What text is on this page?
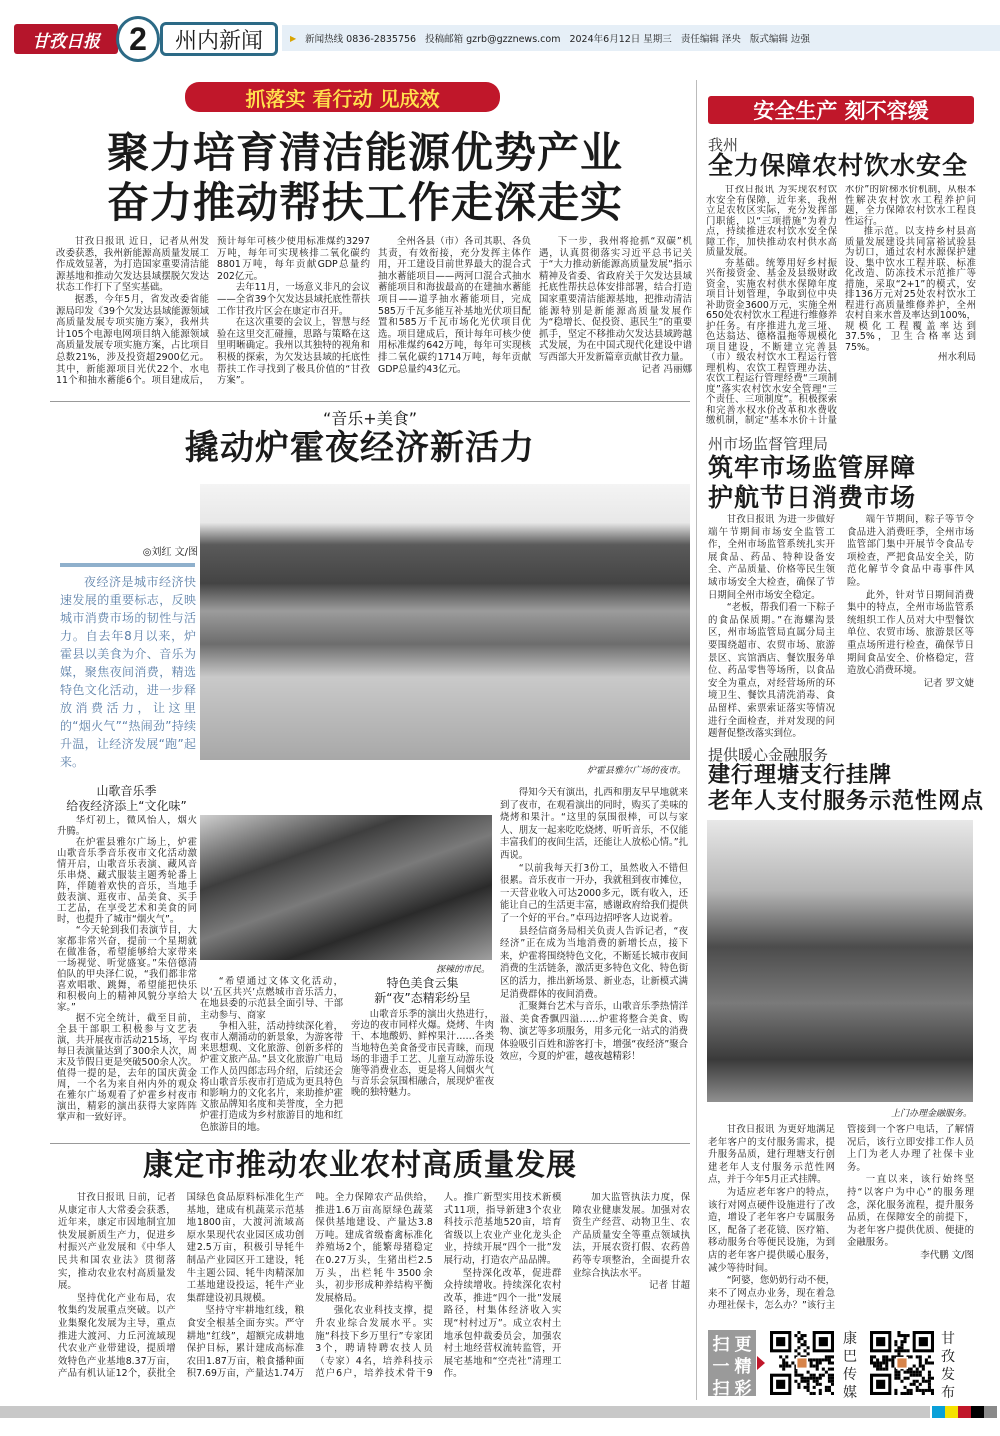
甘孜日报 2	州内新闻	▶ 新闻热线 0836-2835756 投稿邮箱 gzrb@gzznews.com 2024年6月12日 星期三 责任编辑 泽央 版式编辑 边强
抓落实 看行动 见成效
聚力培育清洁能源优势产业
奋力推动帮扶工作走深走实

甘孜日报讯 近日，记者从州发改委获悉，我州新能源高质量发展工作成效显著，为打造国家重要清洁能源基地和推动欠发达县域摆脱欠发达状态工作打下了坚实基础。

据悉，今年5月，省发改委省能源局印发《39个欠发达县域能源领域高质量发展专项实施方案》，我州共计105个电源电网项目纳入能源领域高质量发展专项实施方案，占比项目总数21%，涉及投资超2900亿元。其中，新能源项目光伏22个、水电11个和抽水蓄能6个。项目建成后，预计每年可核少使用标准煤约3297万吨，每年可实现核排二氧化碳约8801万吨，每年贡献GDP总量约202亿元。

去年11月，一场意义非凡的会议——全省39个欠发达县域托底性帮扶工作甘孜片区会在康定市召开。

在这次重要的会议上，智慧与经验在这里交汇碰撞，思路与策略在这里明晰确定。我州以其独特的视角和积极的探索，为欠发达县域的托底性帮扶工作寻找到了极具价值的“甘孜方案”。

全州各县（市）各司其职、各负其责，有效衔接，充分发挥主体作用，开工建设目前世界最大的混合式抽水蓄能项目——两河口混合式抽水蓄能项目和海拔最高的在建抽水蓄能项目——道孚抽水蓄能项目，完成585万千瓦多能互补基地光伏项目配置和585万千瓦市场化光伏项目优选。项目建成后，预计每年可核少使用标准煤约642万吨，每年可实现核排二氧化碳约1714万吨，每年贡献GDP总量约43亿元。

下一步，我州将抢抓“双碳”机遇，认真贯彻落实习近平总书记关于“大力推动新能源高质量发展”指示精神及省委、省政府关于欠发达县域托底性帮扶总体安排部署，结合打造国家重要清洁能源基地，把推动清洁能源特别是新能源高质量发展作为“稳增长、促投资、惠民生”的重要抓手，坚定不移推动欠发达县域跨越式发展，为在中国式现代化建设中谱写西部大开发新篇章贡献甘孜力量。

记者 冯丽娜
“音乐+美食”
撬动炉霍夜经济新活力
◎刘红 文/图
夜经济是城市经济快速发展的重要标志，反映城市消费市场的韧性与活力。自去年8月以来，炉霍县以美食为介、音乐为媒，聚焦夜间消费，精选特色文化活动，进一步释放消费活力，让这里的“烟火气”“热闹劲”持续升温，让经济发展“跑”起来。
炉霍县雅尔广场的夜市。
山歌音乐季
给夜经济添上“文化味”

华灯初上，微风怡人，烟火升腾。

在炉霍县雅尔广场上，炉霍山歌音乐季音乐夜市文化活动激情开启，山歌音乐表演、藏风音乐串烧、藏式服装主题秀轮番上阵，伴随着欢快的音乐，当地手鼓表演、逛夜市、品美食、买手工艺品，在享受艺术和美食的同时，也提升了城市“烟火气”。

“今天轮到我们表演节目，大家都非常兴奋，提前一个星期就在做准备，希望能够给大家带来一场视觉、听觉盛宴。”朱倍德清伯队的甲央泽仁说，“我们都非常喜欢唱歌、跳舞，希望能把快乐和积极向上的精神风貌分享给大家。”

据不完全统计，截至目前，全县干部职工积极参与文艺表演，共开展夜市活动215场，平均每日表演量达到了300余人次，周末及节假日更是突破500余人次。值得一提的是，去年的国庆黄金周，一个名为来自州内外的观众在雅尔广场观看了炉霍乡村夜市演出，精彩的演出获得大家阵阵掌声和一致好评。

探辣的市民。

“希望通过文体文化活动，以‘五区共兴’点燃城市音乐活力，在地县委的示范县全面引导、干部主动参与、商家

争相入驻，活动持续深化着，夜市人潮涌动的新景象，为游客带来思想观、文化旅游、创新多样的炉霍文旅产品。”县文化旅游广电局工作人员四郎志玛介绍，后续还会将山歌音乐夜市打造成为更具特色和影响力的文化名片，来助推炉霍文旅品牌知名度和美誉度，全力把炉霍打造成为乡村旅游目的地和红色旅游目的地。

特色美食云集
新“夜”态精彩纷呈

山歌音乐季的演出火热进行，旁边的夜市同样火爆。烧烤、牛肉干、本地酸奶、鲜榨果汁……各类当地特色美食备受市民青睐，而现场的非遗手工艺、儿童互动游乐设施等消费业态，更是将人间烟火气与音乐会氛围相融合，展现炉霍夜晚的独特魅力。

得知今天有演出，扎西和朋友早早地就来到了夜市，在观看演出的同时，购买了美味的烧烤和果汁。“这里的氛围很棒，可以与家人、朋友一起来吃吃烧烤、听听音乐，不仅能丰富我们的夜间生活，还能让人放松心情。”扎西说。

“以前我每天打3份工，虽然收入不错但很累。音乐夜市一开办，我就租到夜市摊位，一天营业收入可达2000多元，既有收入，还能让自己的生活更丰富，感谢政府给我们提供了一个好的平台。”卓玛边招呼客人边说着。

县经信商务局相关负责人告诉记者，“夜经济”正在成为当地消费的新增长点，接下来，炉霍将围绕特色文化，不断延长城市夜间消费的生活链条，激活更多特色文化、特色街区的活力，推出新场景、新业态，让新模式满足消费群体的夜间消费。

汇聚舞台艺术与音乐，山歌音乐季热情洋溢、美食香飘四溢……炉霍将整合美食、购物、演艺等多项服务，用多元化一站式的消费体验吸引百姓和游客打卡，增强“夜经济”聚合效应，今夏的炉霍，越夜越精彩！

康定市推动农业农村高质量发展

甘孜日报讯 日前，记者从康定市人大常委会获悉，近年来，康定市因地制宜加快发展新质生产力，促进乡村振兴产业发展和《中华人民共和国农业法》贯彻落实，推动农业农村高质量发展。

坚持优化产业布局，农牧集约发展重点突破。以产业集聚化发展为主导，重点推进大渡河、力丘河流域现代农业产业带建设，提质增效特色产业基地8.37万亩，产品有机认证12个，获批全国绿色食品原料标准化生产基地，建成有机蔬菜示范基地1800亩，大渡河流域高原水果现代农业园区成功创建2.5万亩，积极引导牦牛制品产业园区开工建设，牦牛主题公园、牦牛肉精深加工基地建设投运，牦牛产业集群建设初具规模。

坚持守牢耕地红线，粮食安全根基全面夯实。严守耕地“红线”，超额完成耕地保护目标，累计建成高标准农田1.87万亩，粮食播种面积7.69万亩，产量达1.74万吨。全力保障农产品供给，推进1.6万亩高原绿色蔬菜保供基地建设、产量达3.8万吨。建成省级畜禽标准化养殖场2个，能繁母猪稳定在0.27万头，生猪出栏2.5万头，出栏牦牛3500余头，初步形成种养结构平衡发展格局。

强化农业科技支撑，提升农业综合发展水平。实施“科技下乡万里行”专家团3个，聘请特聘农技人员（专家）4名，培养科技示范户6户，培养技术骨干9人。推广新型实用技术新模式11项，指导新建3个农业科技示范基地520亩，培育省级以上农业产业化龙头企业，持续开展“四个一批”发展行动，打造农产品品牌。

坚持深化改革，促进群众持续增收。持续深化农村改革，推进“四个一批”发展路径，村集体经济收入实现“村村过万”。成立农村土地承包仲裁委员会，加强农村土地经营权流转监管，开展宅基地和“空壳社”清理工作。

加大监管执法力度，保障农业健康发展。加强对农资生产经营、动物卫生、农产品质量安全等重点领域执法，开展农资打假、农药兽药等专项整治，全面提升农业综合执法水平。

记者 甘超
安全生产 刻不容缓
我州
全力保障农村饮水安全

甘孜日报讯 为实现农村饮水安全有保障，近年来，我州立足农牧区实际，充分发挥部门职能，以“三项措施”为着力点，持续推进农村饮水安全保障工作，加快推动农村供水高质量发展。

夯基础。统筹用好乡村振兴衔接资金、基金及县级财政资金，实施农村供水保障年度项目计划管理，争取到位中央补助资金3600万元，实施全州650处农村饮水工程进行维修养护任务。有序推进九龙三垭、色达翁达、德格温拖等规模化项目建设，不断建立完善县（市）级农村饮水工程运行管理机构、农饮工程管理办法、农饮工程运行管理经费“三项制度”落实农村饮水安全管理“三个责任、三项制度”。积极探索和完善水权水价改革和水费收缴机制，制定“基本水价＋计量水价”的阶梯水价机制，从根本性解决农村饮水工程养护问题，全力保障农村饮水工程良性运行。

推示范。以支持乡村县高质量发展建设共同富裕试验县为切口，通过农村水源保护建设、集中饮水工程并联、标准化改造、防冻技术示范推广等措施，采取“2+1”的模式，安排136万元对25处农村饮水工程进行高质量维修养护，全州农村自来水普及率达到100%，规模化工程覆盖率达到37.5%，卫生合格率达到75%。

州水利局
州市场监督管理局
筑牢市场监管屏障
护航节日消费市场

甘孜日报讯 为进一步做好端午节期间市场安全监管工作，全州市场监管系统扎实开展食品、药品、特种设备安全、产品质量、价格等民生领域市场安全大检查，确保了节日期间全州市场安全稳定。

“老板，帮我们看一下粽子的食品保质期。”在海螺沟景区，州市场监管局直属分局主要围绕超市、农贸市场、旅游景区、宾馆酒店、餐饮服务单位、药品零售等场所，以食品安全为重点，对经营场所的环境卫生、餐饮具清洗消毒、食品留样、索票索证落实等情况进行全面检查，并对发现的问题督促整改落实到位。

端午节期间，粽子等节令食品进入消费旺季，全州市场监管部门集中开展节令食品专项检查，严把食品安全关，防范化解节令食品中毒事件风险。

此外，针对节日期间消费集中的特点，全州市场监管系统组织工作人员对大中型餐饮单位、农贸市场、旅游景区等重点场所进行检查，确保节日期间食品安全、价格稳定，营造放心消费环境。

记者 罗文婕
提供暖心金融服务
建行理塘支行挂牌
老年人支付服务示范性网点
上门办理金融服务。

甘孜日报讯 为更好地满足老年客户的支付服务需求，提升服务品质，建行理塘支行创建老年人支付服务示范性网点，并于今年5月正式挂牌。

为适应老年客户的特点，该行对网点硬件设施进行了改造，增设了老年客户专属服务区，配备了老花镜、医疗箱、移动服务台等便民设施，为到店的老年客户提供暖心服务，减少等待时间。

“阿婆，您奶奶行动不便，来不了网点办业务，现在着急办理社保卡，怎么办？”该行主管接到一个客户电话，了解情况后，该行立即安排工作人员上门为老人办理了社保卡业务。

一直以来，该行始终坚持“以客户为中心”的服务理念，深化服务流程，提升服务品质，在保障安全的前提下，为老年客户提供优质、便捷的金融服务。

李代鹏 文/图
扫 更
一 精
扫 彩
康巴传媒
甘孜发布
